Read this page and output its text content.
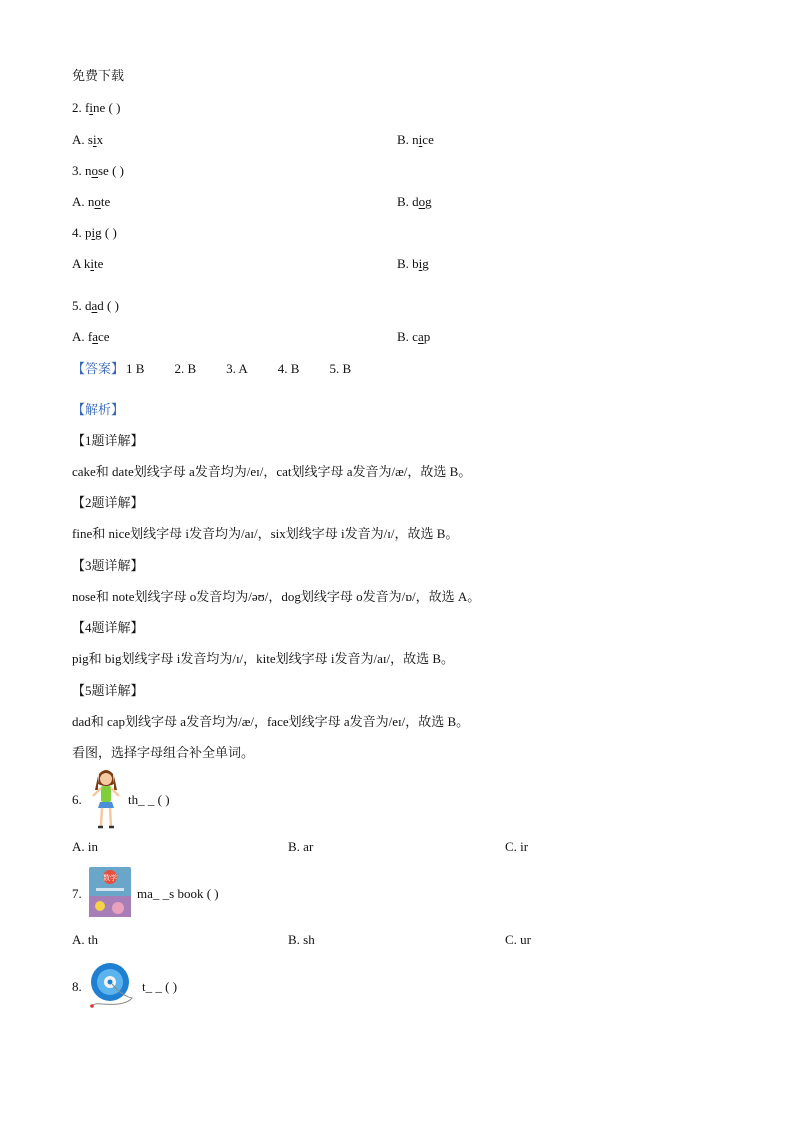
免费下载
2. fine ( )
A. six	B. nice
3. nose ( )
A. note	B. dog
4. pig ( )
A kite	B. big
5. dad ( )
A. face	B. cap
【答案】 1 B 2. B 3. A 4. B 5. B
【解析】
【1题详解】
cake和 date划线字母 a发音均为/eɪ/，cat划线字母 a发音为/æ/，故选 B。
【2题详解】
fine和 nice划线字母 i发音均为/aɪ/，six划线字母 i发音为/ɪ/，故选 B。
【3题详解】
nose和 note划线字母 o发音均为/əʊ/，dog划线字母 o发音为/ɒ/，故选 A。
【4题详解】
pig和 big划线字母 i发音均为/ɪ/，kite划线字母 i发音为/aɪ/，故选 B。
【5题详解】
dad和 cap划线字母 a发音均为/æ/，face划线字母 a发音为/eɪ/，故选 B。
看图，选择字母组合补全单词。
6.	th_ _ ( )
A. in	B. ar	C. ir
7.
数学
ma_ _s book ( )
A. th	B. sh	C. ur
8.	t_ _ ( )
